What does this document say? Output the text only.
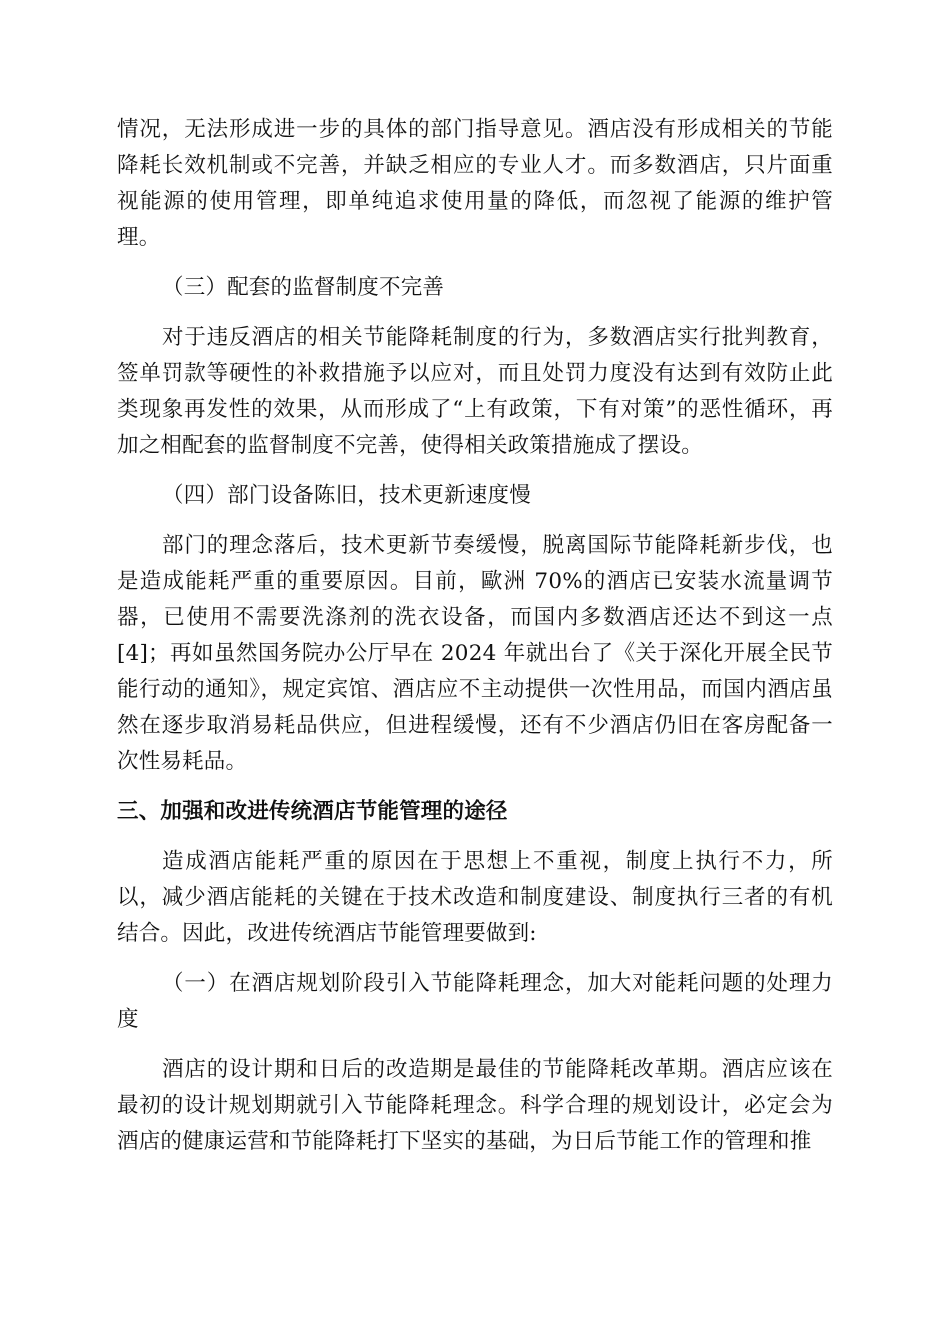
情况，无法形成进一步的具体的部门指导意见。酒店没有形成相关的节能降耗长效机制或不完善，并缺乏相应的专业人才。而多数酒店，只片面重视能源的使用管理，即单纯追求使用量的降低，而忽视了能源的维护管理。

（三）配套的监督制度不完善

对于违反酒店的相关节能降耗制度的行为，多数酒店实行批判教育，签单罚款等硬性的补救措施予以应对，而且处罚力度没有达到有效防止此类现象再发性的效果，从而形成了“上有政策，下有对策”的恶性循环，再加之相配套的监督制度不完善，使得相关政策措施成了摆设。

（四）部门设备陈旧，技术更新速度慢

部门的理念落后，技术更新节奏缓慢，脱离国际节能降耗新步伐，也是造成能耗严重的重要原因。目前，歐洲 70%的酒店已安装水流量调节器，已使用不需要洗涤剂的洗衣设备，而国内多数酒店还达不到这一点[4]；再如虽然国务院办公厅早在 2024 年就出台了《关于深化开展全民节能行动的通知》，规定宾馆、酒店应不主动提供一次性用品，而国内酒店虽然在逐步取消易耗品供应，但进程缓慢，还有不少酒店仍旧在客房配备一次性易耗品。

三、加强和改进传统酒店节能管理的途径

造成酒店能耗严重的原因在于思想上不重视，制度上执行不力，所以，减少酒店能耗的关键在于技术改造和制度建设、制度执行三者的有机结合。因此，改进传统酒店节能管理要做到:

（一）在酒店规划阶段引入节能降耗理念，加大对能耗问题的处理力度

酒店的设计期和日后的改造期是最佳的节能降耗改革期。酒店应该在最初的设计规划期就引入节能降耗理念。科学合理的规划设计，必定会为酒店的健康运营和节能降耗打下坚实的基础，为日后节能工作的管理和推
